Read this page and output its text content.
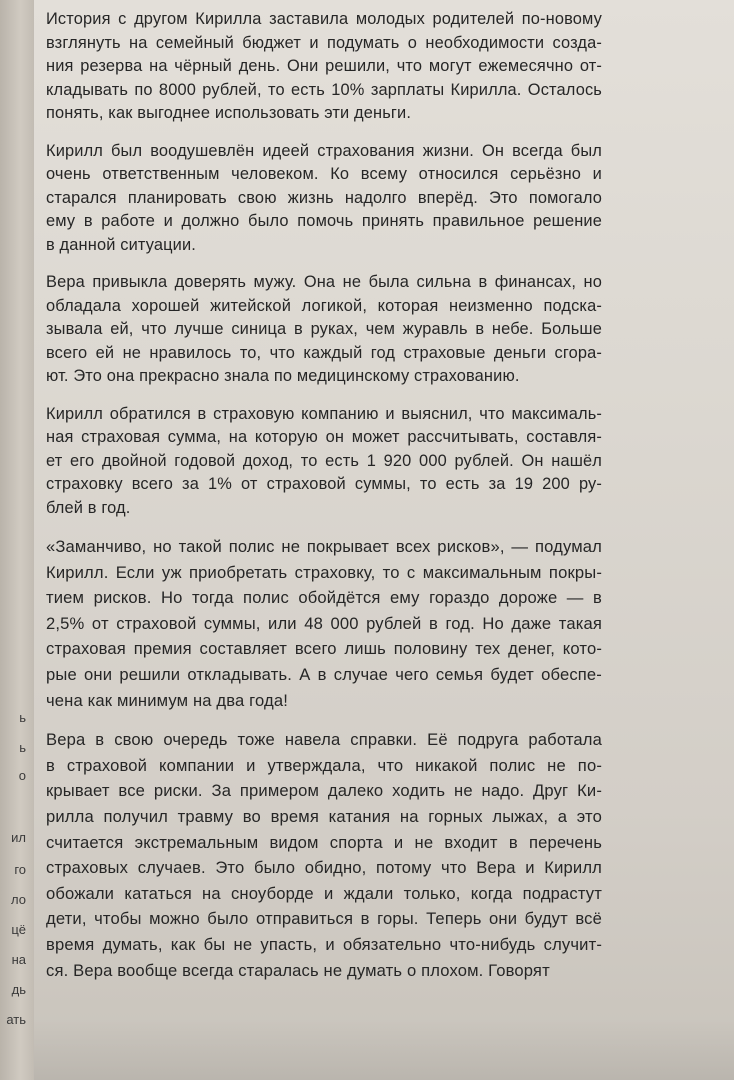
ь
ь
о
ил
го
ло
цё
на
дь
ать
История с другом Кирилла заставила молодых родителей по-новому
взглянуть на семейный бюджет и подумать о необходимости созда-
ния резерва на чёрный день. Они решили, что могут ежемесячно от-
кладывать по 8000 рублей, то есть 10% зарплаты Кирилла. Осталось
понять, как выгоднее использовать эти деньги.
Кирилл был воодушевлён идеей страхования жизни. Он всегда был
очень ответственным человеком. Ко всему относился серьёзно и
старался планировать свою жизнь надолго вперёд. Это помогало
ему в работе и должно было помочь принять правильное решение
в данной ситуации.
Вера привыкла доверять мужу. Она не была сильна в финансах, но
обладала хорошей житейской логикой, которая неизменно подска-
зывала ей, что лучше синица в руках, чем журавль в небе. Больше
всего ей не нравилось то, что каждый год страховые деньги сгора-
ют. Это она прекрасно знала по медицинскому страхованию.
Кирилл обратился в страховую компанию и выяснил, что максималь-
ная страховая сумма, на которую он может рассчитывать, составля-
ет его двойной годовой доход, то есть 1 920 000 рублей. Он нашёл
страховку всего за 1% от страховой суммы, то есть за 19 200 ру-
блей в год.
«Заманчиво, но такой полис не покрывает всех рисков», — подумал
Кирилл. Если уж приобретать страховку, то с максимальным покры-
тием рисков. Но тогда полис обойдётся ему гораздо дороже — в
2,5% от страховой суммы, или 48 000 рублей в год. Но даже такая
страховая премия составляет всего лишь половину тех денег, кото-
рые они решили откладывать. А в случае чего семья будет обеспе-
чена как минимум на два года!
Вера в свою очередь тоже навела справки. Её подруга работала
в страховой компании и утверждала, что никакой полис не по-
крывает все риски. За примером далеко ходить не надо. Друг Ки-
рилла получил травму во время катания на горных лыжах, а это
считается экстремальным видом спорта и не входит в перечень
страховых случаев. Это было обидно, потому что Вера и Кирилл
обожали кататься на сноуборде и ждали только, когда подрастут
дети, чтобы можно было отправиться в горы. Теперь они будут всё
время думать, как бы не упасть, и обязательно что-нибудь случит-
ся. Вера вообще всегда старалась не думать о плохом. Говорят
